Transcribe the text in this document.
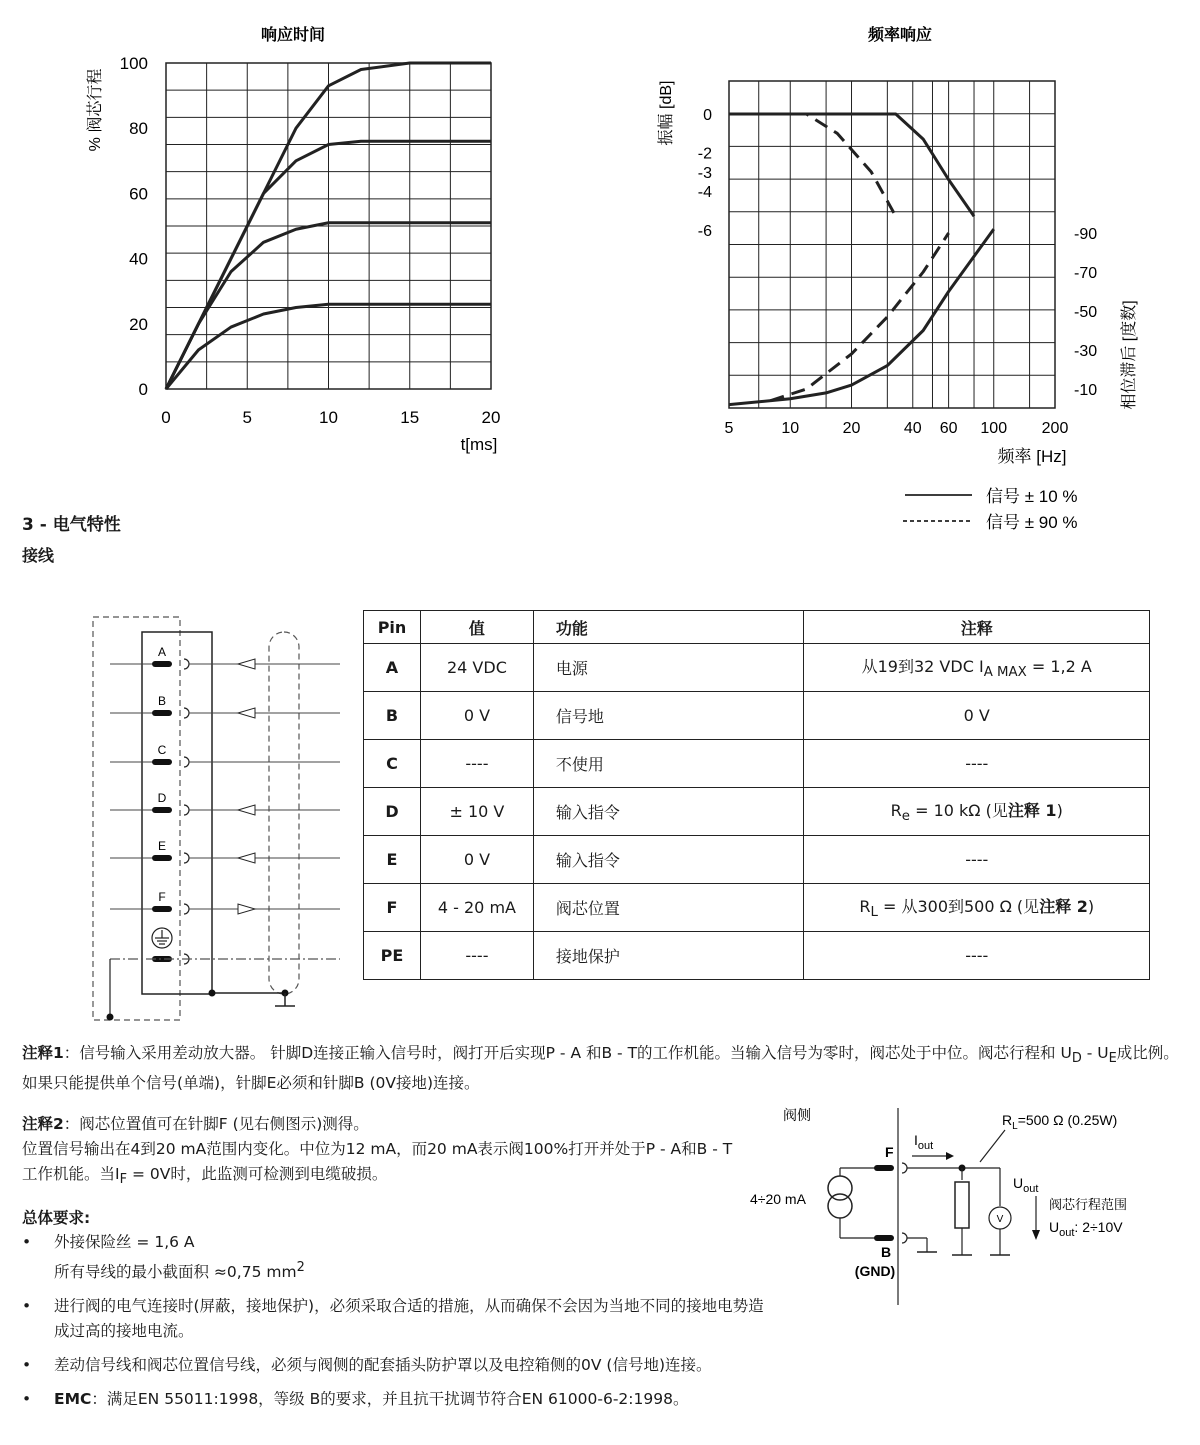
响应时间
0	5	10	15	20
0
20
40
60
80
100
t[ms]
% 阀芯行程
频率响应
5	10	20	40 60 100 200
0
-2
-3
-4
-6	-90
-70
-50
-30
-10
频率 [Hz]
振幅 [dB]
相位滞后 [度数]
信号 ± 10 %
信号 ± 90 %
3 - 电气特性
接线
A
B
C
D
E
F
Pin	值	功能	注释
A	24 VDC	电源	从19到32 VDC $I_{A MAX} = 1,2$ A
B	0 V	信号地	0 V
C	----	不使用	----
D	± 10 V	输入指令	$R_e = 10$ kΩ (见注释 1)
E	0 V	输入指令	----
F	4 - 20 mA	阀芯位置	$R_L$ = 从300到500 Ω (见注释 2)
PE	----	接地保护	----
注释1：信号输入采用差动放大器。 针脚D连接正输入信号时，阀打开后实现P - A 和B - T的工作机能。当输入信号为零时，阀芯处于中位。阀芯行程和 $U_D - U_E$成比例。如果只能提供单个信号(单端)，针脚E必须和针脚B (0V接地)连接。
注释2：阀芯位置值可在针脚F (见右侧图示)测得。
位置信号输出在4到20 mA范围内变化。中位为12 mA，而20 mA表示阀100%打开并处于P - A和B - T工作机能。当$I_F = 0V$时，此监测可检测到电缆破损。
阀侧	$R_L=500$ Ω (0.25W)
F
$I_{out}$
V
$U_{out}$
阀芯行程范围
$U_{out}$: 2÷10V
4÷20 mA
B
(GND)
总体要求:
• 外接保险丝 = 1,6 A
所有导线的最小截面积 ≈0,75 $mm^2$
• 进行阀的电气连接时(屏蔽，接地保护)，必须采取合适的措施，从而确保不会因为当地不同的接地电势造成过高的接地电流。
• 差动信号线和阀芯位置信号线，必须与阀侧的配套插头防护罩以及电控箱侧的0V (信号地)连接。
• EMC：满足EN 55011:1998，等级 B的要求，并且抗干扰调节符合EN 61000-6-2:1998。
